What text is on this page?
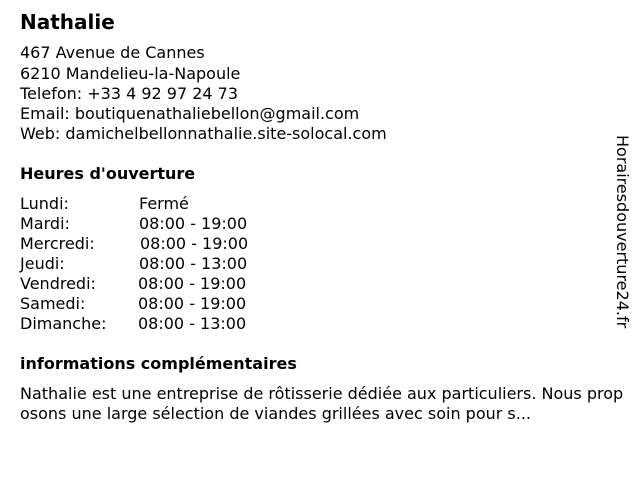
Nathalie
467 Avenue de Cannes
6210 Mandelieu-la-Napoule
Telefon: +33 4 92 97 24 73
Email: boutiquenathaliebellon@gmail.com
Web: damichelbellonnathalie.site-solocal.com
Heures d'ouverture
Lundi:	Fermé
Mardi:	08:00 - 19:00
Mercredi:	08:00 - 19:00
Jeudi:	08:00 - 13:00
Vendredi:	08:00 - 19:00
Samedi:	08:00 - 19:00
Dimanche: 08:00 - 13:00
informations complémentaires
Nathalie est une entreprise de rôtisserie dédiée aux particuliers. Nous proposons une large sélection de viandes grillées avec soin pour s...
Horairesdouverture24.fr
